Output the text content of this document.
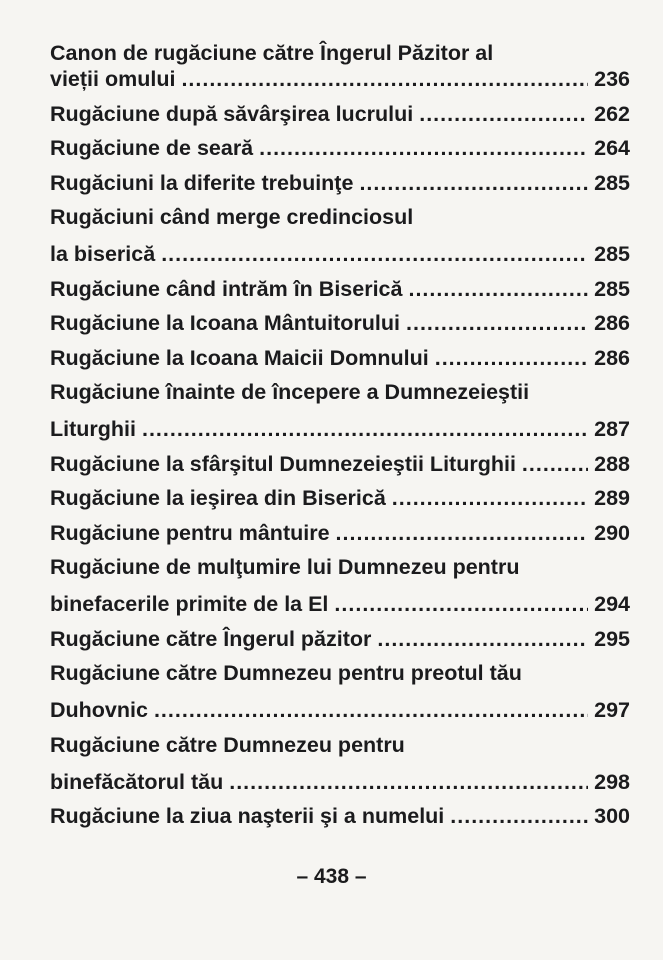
Canon de rugăciune către Îngerul Păzitor al
vieții omului .....	236
Rugăciune după săvârşirea lucrului .....	262
Rugăciune de seară .....	264
Rugăciuni la diferite trebuinţe .....	285
Rugăciuni când merge credinciosul
la biserică .....	285
Rugăciune când intrăm în Biserică .....	285
Rugăciune la Icoana Mântuitorului .....	286
Rugăciune la Icoana Maicii Domnului .....	286
Rugăciune înainte de începere a Dumnezeieştii
Liturghii .....	287
Rugăciune la sfârşitul Dumnezeieştii Liturghii .....	288
Rugăciune la ieşirea din Biserică .....	289
Rugăciune pentru mântuire .....	290
Rugăciune de mulţumire lui Dumnezeu pentru
binefacerile primite de la El .....	294
Rugăciune către Îngerul păzitor .....	295
Rugăciune către Dumnezeu pentru preotul tău
Duhovnic .....	297
Rugăciune către Dumnezeu pentru
binefăcătorul tău .....	298
Rugăciune la ziua naşterii şi a numelui .....	300
– 438 –
